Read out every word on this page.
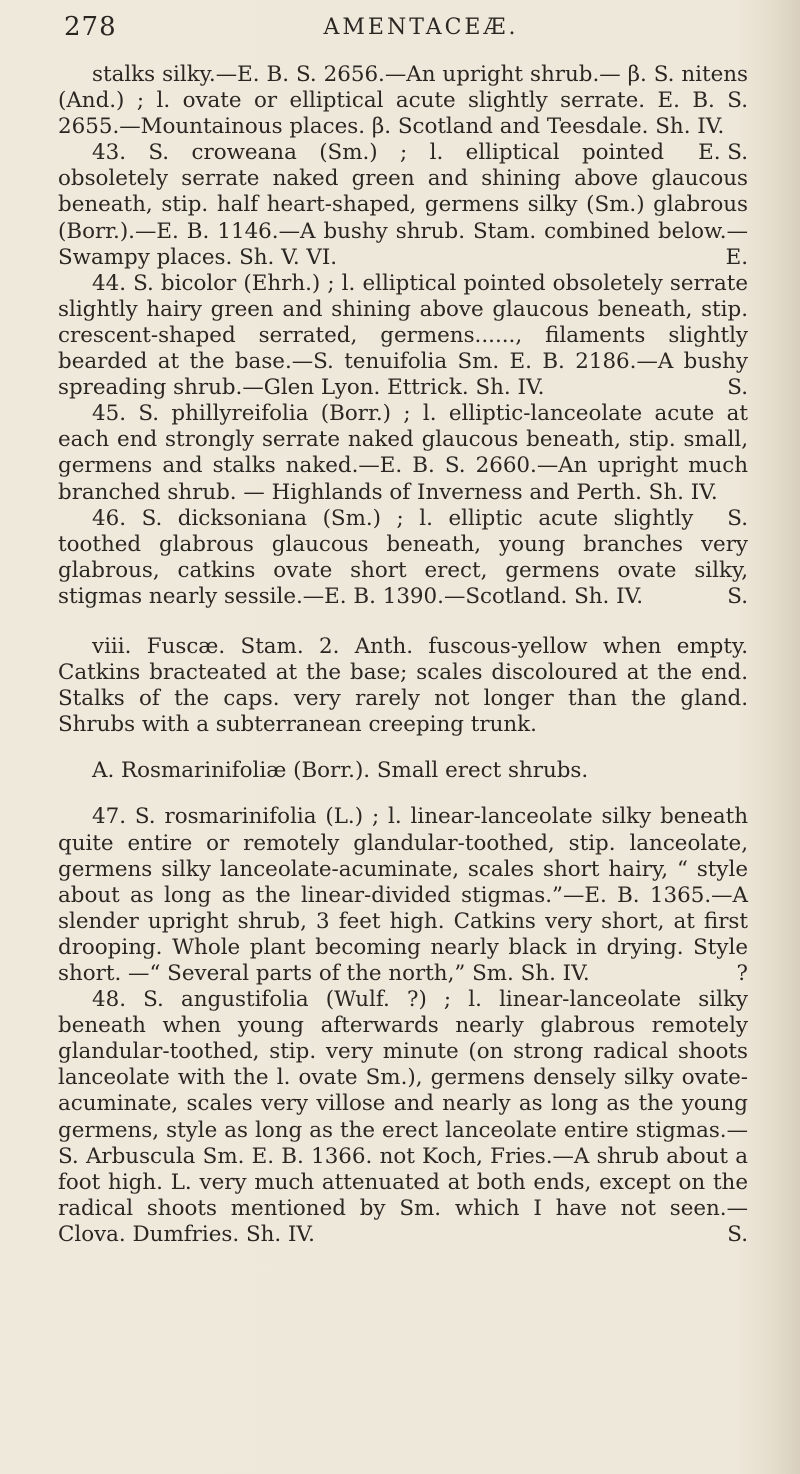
278	AMENTACEÆ.

stalks silky.—E. B. S. 2656.—An upright shrub.— β. S. nitens (And.) ; l. ovate or elliptical acute slightly serrate. E. B. S. 2655.—Mountainous places. β. Scotland and Teesdale. Sh. IV.
E. S.

43. S. croweana (Sm.) ; l. elliptical pointed obsoletely serrate naked green and shining above glaucous beneath, stip. half heart-shaped, germens silky (Sm.) glabrous (Borr.).—E. B. 1146.—A bushy shrub. Stam. combined below.—Swampy places. Sh. V. VI.	E.

44. S. bicolor (Ehrh.) ; l. elliptical pointed obsoletely serrate slightly hairy green and shining above glaucous beneath, stip. crescent-shaped serrated, germens......, filaments slightly bearded at the base.—S. tenuifolia Sm. E. B. 2186.—A bushy spreading shrub.—Glen Lyon. Ettrick. Sh. IV.	S.

45. S. phillyreifolia (Borr.) ; l. elliptic-lanceolate acute at each end strongly serrate naked glaucous beneath, stip. small, germens and stalks naked.—E. B. S. 2660.—An upright much branched shrub. — Highlands of Inverness and Perth. Sh. IV.
S.

46. S. dicksoniana (Sm.) ; l. elliptic acute slightly toothed glabrous glaucous beneath, young branches very glabrous, catkins ovate short erect, germens ovate silky, stigmas nearly sessile.—E. B. 1390.—Scotland. Sh. IV.	S.

viii. Fuscæ. Stam. 2. Anth. fuscous-yellow when empty. Catkins bracteated at the base; scales discoloured at the end. Stalks of the caps. very rarely not longer than the gland. Shrubs with a subterranean creeping trunk.

A. Rosmarinifoliæ (Borr.). Small erect shrubs.

47. S. rosmarinifolia (L.) ; l. linear-lanceolate silky beneath quite entire or remotely glandular-toothed, stip. lanceolate, germens silky lanceolate-acuminate, scales short hairy, “ style about as long as the linear-divided stigmas.”—E. B. 1365.—A slender upright shrub, 3 feet high. Catkins very short, at first drooping. Whole plant becoming nearly black in drying. Style short. —“ Several parts of the north,” Sm. Sh. IV.	?

48. S. angustifolia (Wulf. ?) ; l. linear-lanceolate silky beneath when young afterwards nearly glabrous remotely glandular-toothed, stip. very minute (on strong radical shoots lanceolate with the l. ovate Sm.), germens densely silky ovate-acuminate, scales very villose and nearly as long as the young germens, style as long as the erect lanceolate entire stigmas.—S. Arbuscula Sm. E. B. 1366. not Koch, Fries.—A shrub about a foot high. L. very much attenuated at both ends, except on the radical shoots mentioned by Sm. which I have not seen.—Clova. Dumfries. Sh. IV.	S.
